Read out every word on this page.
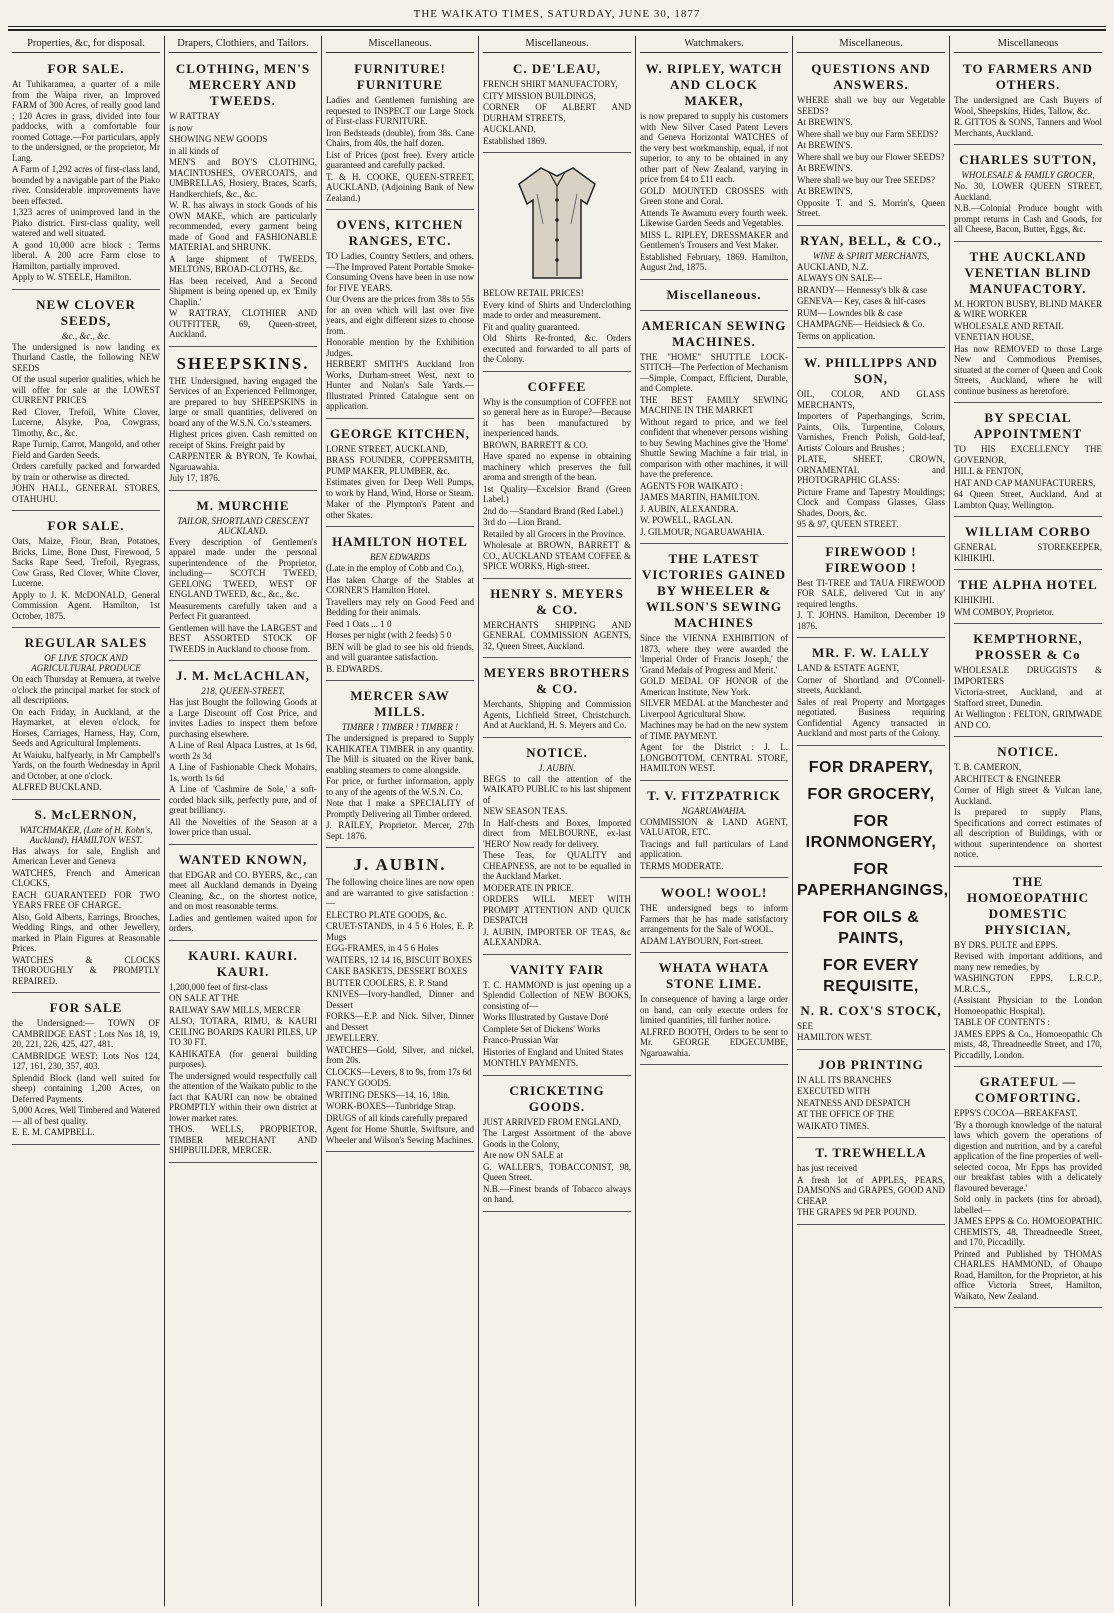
THE WAIKATO TIMES, SATURDAY, JUNE 30, 1877
Properties, &c, for disposal.
FOR SALE.
At Tuhikaramea, a quarter of a mile from the Waipa river, an Improved FARM of 300 Acres, of really good land ; 120 Acres in grass, divided into four paddocks, with a comfortable four roomed Cottage.—For particulars, apply to the undersigned, or the proprietor, Mr Lang.
A Farm of 1,292 acres of first-class land, bounded by a navigable part of the Piako river. Considerable improvements have been effected.
1,323 acres of unimproved land in the Piako district. First-class quality, well watered and well situated.
A good 10,000 acre block : Terms liberal. A 200 acre Farm close to Hamilton, partially improved.
Apply to W. STEELE, Hamilton.
NEW CLOVER SEEDS,
&c., &c., &c.
The undersigned is now landing ex Thurland Castle, the following NEW SEEDS
Of the usual superior qualities, which he will offer for sale at the LOWEST CURRENT PRICES
Red Clover, Trefoil, White Clover, Lucerne, Alsyke, Poa, Cowgrass, Timothy, &c., &c.
Rape Turnip, Carrot, Mangold, and other Field and Garden Seeds.
Orders carefully packed and forwarded by train or otherwise as directed.
JOHN HALL, GENERAL STORES, OTAHUHU.
FOR SALE.
Oats, Maize, Flour, Bran, Potatoes, Bricks, Lime, Bone Dust, Firewood, 5 Sacks Rape Seed, Trefoil, Ryegrass, Cow Grass, Red Clover, White Clover, Lucerne.
Apply to J. K. McDONALD, General Commission Agent. Hamilton, 1st October, 1875.
REGULAR SALES
OF LIVE STOCK AND AGRICULTURAL PRODUCE
On each Thursday at Remuera, at twelve o'clock the principal market for stock of all descriptions.
On each Friday, in Auckland, at the Haymarket, at eleven o'clock, for Horses, Carriages, Harness, Hay, Corn, Seeds and Agricultural Implements.
At Waiuku, halfyearly, in Mr Campbell's Yards, on the fourth Wednesday in April and October, at one o'clock.
ALFRED BUCKLAND.
S. McLERNON,
WATCHMAKER, (Late of H. Kohn's, Auckland), HAMILTON WEST.
Has always for sale, English and American Lever and Geneva
WATCHES, French and American CLOCKS,
EACH GUARANTEED FOR TWO YEARS FREE OF CHARGE.
Also, Gold Alberts, Earrings, Brooches, Wedding Rings, and other Jewellery, marked in Plain Figures at Reasonable Prices.
WATCHES & CLOCKS THOROUGHLY & PROMPTLY REPAIRED.
FOR SALE
the Undersigned:— TOWN OF CAMBRIDGE EAST : Lots Nos 18, 19, 20, 221, 226, 425, 427, 481.
CAMBRIDGE WEST: Lots Nos 124, 127, 161, 230, 357, 403.
Splendid Block (land well suited for sheep) containing 1,200 Acres, on Deferred Payments.
5,000 Acres, Well Timbered and Watered — all of best quality.
E. E. M. CAMPBELL.
Drapers, Clothiers, and Tailors.
CLOTHING, MEN'S MERCERY AND TWEEDS.
W RATTRAY
is now
SHOWING NEW GOODS
in all kinds of
MEN'S and BOY'S CLOTHING, MACINTOSHES, OVERCOATS, and UMBRELLAS, Hosiery, Braces, Scarfs, Handkerchiefs, &c., &c.
W. R. has always in stock Goods of his OWN MAKE, which are particularly recommended, every garment being made of Good and FASHIONABLE MATERIAL and SHRUNK.
A large shipment of TWEEDS, MELTONS, BROAD-CLOTHS, &c.
Has been received, And a Second Shipment is being opened up, ex 'Emily Chaplin.'
W RATTRAY, CLOTHIER AND OUTFITTER, 69, Queen-street, Auckland.
SHEEPSKINS.
THE Undersigned, having engaged the Services of an Experienced Fellmonger, are prepared to buy SHEEPSKINS in large or small quantities, delivered on board any of the W.S.N. Co.'s steamers.
Highest prices given. Cash remitted on receipt of Skins. Freight paid by
CARPENTER & BYRON, Te Kowhai, Ngaruawahia.
July 17, 1876.
M. MURCHIE
TAILOR, SHORTLAND CRESCENT AUCKLAND.
Every description of Gentlemen's apparel made under the personal superintendence of the Proprietor, including— SCOTCH TWEED, GEELONG TWEED, WEST OF ENGLAND TWEED, &c., &c., &c.
Measurements carefully taken and a Perfect Fit guaranteed.
Gentlemen will have the LARGEST and BEST ASSORTED STOCK OF TWEEDS in Auckland to choose from.
J. M. McLACHLAN,
218, QUEEN-STREET,
Has just Bought the following Goods at a Large Discount off Cost Price, and invites Ladies to inspect them before purchasing elsewhere.
A Line of Real Alpaca Lustres, at 1s 6d, worth 2s 3d
A Line of Fashionable Check Mohairs, 1s, worth 1s 6d
A Line of 'Cashmire de Sole,' a soft-corded black silk, perfectly pure, and of great brilliancy.
All the Novelties of the Season at a lower price than usual.
WANTED KNOWN,
that EDGAR and CO. BYERS, &c., can meet all Auckland demands in Dyeing Cleaning, &c., on the shortest notice, and on most reasonable terms.
Ladies and gentlemen waited upon for orders.
KAURI. KAURI. KAURI.
1,200,000 feet of first-class
ON SALE AT THE
RAILWAY SAW MILLS, MERCER
ALSO, TOTARA, RIMU, & KAURI CEILING BOARDS KAURI PILES, UP TO 30 FT.
KAHIKATEA (for general building purposes).
The undersigned would respectfully call the attention of the Waikato public to the fact that KAURI can now be obtained PROMPTLY within their own district at lower market rates.
THOS. WELLS, PROPRIETOR, TIMBER MERCHANT AND SHIPBUILDER, MERCER.
Miscellaneous.
FURNITURE! FURNITURE
Ladies and Gentlemen furnishing are requested to INSPECT our Large Stock of First-class FURNITURE.
Iron Bedsteads (double), from 38s. Cane Chairs, from 40s, the half dozen.
List of Prices (post free). Every article guaranteed and carefully packed.
T. & H. COOKE, QUEEN-STREET, AUCKLAND, (Adjoining Bank of New Zealand.)
OVENS, KITCHEN RANGES, ETC.
TO Ladies, Country Settlers, and others.—The Improved Patent Portable Smoke-Consuming Ovens have been in use now for FIVE YEARS.
Our Ovens are the prices from 38s to 55s for an oven which will last over five years, and eight different sizes to choose from.
Honorable mention by the Exhibition Judges.
HERBERT SMITH'S Auckland Iron Works, Durham-street West, next to Hunter and Nolan's Sale Yards.—Illustrated Printed Catalogue sent on application.
GEORGE KITCHEN,
LORNE STREET, AUCKLAND,
BRASS FOUNDER, COPPERSMITH, PUMP MAKER, PLUMBER, &c.
Estimates given for Deep Well Pumps, to work by Hand, Wind, Horse or Steam.
Maker of the Plympton's Patent and other Skates.
HAMILTON HOTEL
BEN EDWARDS
(Late in the employ of Cobb and Co.),
Has taken Charge of the Stables at CORNER'S Hamilton Hotel.
Travellers may rely on Good Feed and Bedding for their animals.
Feed 1 Oats ... 1 0
Horses per night (with 2 feeds) 5 0
BEN will be glad to see his old friends, and will guarantee satisfaction.
B. EDWARDS.
MERCER SAW MILLS.
TIMBER ! TIMBER ! TIMBER !
The undersigned is prepared to Supply KAHIKATEA TIMBER in any quantity. The Mill is situated on the River bank, enabling steamers to come alongside.
For price, or further information, apply to any of the agents of the W.S.N. Co.
Note that I make a SPECIALITY of Promptly Delivering all Timber ordered.
J. RAILEY, Proprietor. Mercer, 27th Sept. 1876.
J. AUBIN.
The following choice lines are now open and are warranted to give satisfaction :—
ELECTRO PLATE GOODS, &c.
CRUET-STANDS, in 4 5 6 Holes, E. P. Mugs
EGG-FRAMES, in 4 5 6 Holes
WAITERS, 12 14 16, BISCUIT BOXES
CAKE BASKETS, DESSERT BOXES
BUTTER COOLERS, E. P. Stand
KNIVES—Ivory-handled, Dinner and Dessert
FORKS—E.P. and Nick. Silver, Dinner and Dessert
JEWELLERY.
WATCHES—Gold, Silver, and nickel, from 20s.
CLOCKS—Levers, 8 to 9s, from 17s 6d
FANCY GOODS.
WRITING DESKS—14, 16, 18in.
WORK-BOXES—Tunbridge Strap.
DRUGS of all kinds carefully prepared
Agent for Home Shuttle, Swiftsure, and Wheeler and Wilson's Sewing Machines.
Miscellaneous.
C. DE'LEAU,
FRENCH SHIRT MANUFACTORY,
CITY MISSION BUILDINGS,
CORNER OF ALBERT AND DURHAM STREETS,
AUCKLAND,
Established 1869.
BELOW RETAIL PRICES!
Every kind of Shirts and Underclothing made to order and measurement.
Fit and quality guaranteed.
Old Shirts Re-fronted, &c. Orders executed and forwarded to all parts of the Colony.
COFFEE
Why is the consumption of COFFEE not so general here as in Europe?—Because it has been manufactured by inexperienced hands.
BROWN, BARRETT & CO.
Have spared no expense in obtaining machinery which preserves the full aroma and strength of the bean.
1st Quality—Excelsior Brand (Green Label.)
2nd do —Standard Brand (Red Label.)
3rd do —Lion Brand.
Retailed by all Grocers in the Province.
Wholesale at BROWN, BARRETT & CO., AUCKLAND STEAM COFFEE & SPICE WORKS, High-street.
HENRY S. MEYERS & CO.
MERCHANTS SHIPPING AND GENERAL COMMISSION AGENTS, 32, Queen Street, Auckland.
MEYERS BROTHERS & CO.
Merchants, Shipping and Commission Agents, Lichfield Street, Christchurch. And at Auckland, H. S. Meyers and Co.
NOTICE.
J. AUBIN.
BEGS to call the attention of the WAIKATO PUBLIC to his last shipment of
NEW SEASON TEAS.
In Half-chests and Boxes, Imported direct from MELBOURNE, ex-last 'HERO' Now ready for delivery.
These Teas, for QUALITY and CHEAPNESS, are not to be equalled in the Auckland Market.
MODERATE IN PRICE.
ORDERS WILL MEET WITH PROMPT ATTENTION AND QUICK DESPATCH
J. AUBIN, IMPORTER OF TEAS, &c ALEXANDRA.
VANITY FAIR
T. C. HAMMOND is just opening up a Splendid Collection of NEW BOOKS, consisting of—
Works Illustrated by Gustave Doré
Complete Set of Dickens' Works
Franco-Prussian War
Histories of England and United States
MONTHLY PAYMENTS.
CRICKETING GOODS.
JUST ARRIVED FROM ENGLAND,
The Largest Assortment of the above Goods in the Colony,
Are now ON SALE at
G. WALLER'S, TOBACCONIST, 98, Queen Street.
N.B.—Finest brands of Tobacco always on hand.
Watchmakers.
W. RIPLEY, WATCH AND CLOCK MAKER,
is now prepared to supply his customers with New Silver Cased Patent Levers and Geneva Horizontal WATCHES of the very best workmanship, equal, if not superior, to any to be obtained in any other part of New Zealand, varying in price from £4 to £11 each.
GOLD MOUNTED CROSSES with Green stone and Coral.
Attends Te Awamutu every fourth week. Likewise Garden Seeds and Vegetables.
MISS L. RIPLEY, DRESSMAKER and Gentlemen's Trousers and Vest Maker.
Established February, 1869. Hamilton, August 2nd, 1875.
Miscellaneous.
AMERICAN SEWING MACHINES.
THE "HOME" SHUTTLE LOCK-STITCH—The Perfection of Mechanism—Simple, Compact, Efficient, Durable, and Complete.
THE BEST FAMILY SEWING MACHINE IN THE MARKET
Without regard to price, and we feel confident that whenever persons wishing to buy Sewing Machines give the 'Home' Shuttle Sewing Machine a fair trial, in comparison with other machines, it will have the preference.
AGENTS FOR WAIKATO :
JAMES MARTIN, HAMILTON.
J. AUBIN, ALEXANDRA.
W. POWELL, RAGLAN.
J. GILMOUR, NGARUAWAHIA.
THE LATEST VICTORIES GAINED BY WHEELER & WILSON'S SEWING MACHINES
Since the VIENNA EXHIBITION of 1873, where they were awarded the 'Imperial Order of Francis Joseph,' the 'Grand Medals of Progress and Merit.'
GOLD MEDAL OF HONOR of the American Institute, New York.
SILVER MEDAL at the Manchester and Liverpool Agricultural Show.
Machines may be had on the new system of TIME PAYMENT.
Agent for the District : J. L. LONGBOTTOM, CENTRAL STORE, HAMILTON WEST.
T. V. FITZPATRICK
NGARUAWAHIA.
COMMISSION & LAND AGENT, VALUATOR, ETC.
Tracings and full particulars of Land application.
TERMS MODERATE.
WOOL! WOOL!
THE undersigned begs to inform Farmers that he has made satisfactory arrangements for the Sale of WOOL.
ADAM LAYBOURN, Fort-street.
WHATA WHATA STONE LIME.
In consequence of having a large order on hand, can only execute orders for limited quantities, till further notice.
ALFRED BOOTH, Orders to be sent to Mr. GEORGE EDGECUMBE, Ngaruawahia.
Miscellaneous.
QUESTIONS AND ANSWERS.
WHERE shall we buy our Vegetable SEEDS?
At BREWIN'S.
Where shall we buy our Farm SEEDS?
At BREWIN'S.
Where shall we buy our Flower SEEDS?
At BREWIN'S.
Where shall we buy our Tree SEEDS?
At BREWIN'S,
Opposite T. and S. Morrin's, Queen Street.
RYAN, BELL, & CO.,
WINE & SPIRIT MERCHANTS,
AUCKLAND, N.Z.
ALWAYS ON SALE—
BRANDY— Hennessy's blk & case
GENEVA— Key, cases & hlf-cases
RUM— Lowndes blk & case
CHAMPAGNE— Heidsieck & Co.
Terms on application.
W. PHILLIPPS AND SON,
OIL, COLOR, AND GLASS MERCHANTS,
Importers of Paperhangings, Scrim, Paints, Oils, Turpentine, Colours, Varnishes, French Polish, Gold-leaf, Artists' Colours and Brushes ;
PLATE, SHEET, CROWN, ORNAMENTAL and PHOTOGRAPHIC GLASS:
Picture Frame and Tapestry Mouldings; Clock and Compass Glasses, Glass Shades, Doors, &c.
95 & 97, QUEEN STREET.
FIREWOOD ! FIREWOOD !
Best TI-TREE and TAUA FIREWOOD FOR SALE, delivered 'Cut in any' required lengths.
J. T. JOHNS. Hamilton, December 19 1876.
MR. F. W. LALLY
LAND & ESTATE AGENT,
Corner of Shortland and O'Connell-streets, Auckland.
Sales of real Property and Mortgages negotiated. Business requiring Confidential Agency transacted in Auckland and most parts of the Colony.
FOR DRAPERY,
FOR GROCERY,
FOR IRONMONGERY,
FOR PAPERHANGINGS,
FOR OILS & PAINTS,
FOR EVERY REQUISITE,
N. R. COX'S STOCK,
SEE
HAMILTON WEST.
JOB PRINTING
IN ALL ITS BRANCHES
EXECUTED WITH
NEATNESS AND DESPATCH
AT THE OFFICE OF THE
WAIKATO TIMES.
T. TREWHELLA
has just received
A fresh lot of APPLES, PEARS, DAMSONS and GRAPES, GOOD AND CHEAP.
THE GRAPES 9d PER POUND.
Miscellaneous
TO FARMERS AND OTHERS.
The undersigned are Cash Buyers of Wool, Sheepskins, Hides, Tallow, &c.
R. GITTOS & SONS, Tanners and Wool Merchants, Auckland.
CHARLES SUTTON,
WHOLESALE & FAMILY GROCER,
No. 30, LOWER QUEEN STREET, Auckland.
N.B.—Colonial Produce bought with prompt returns in Cash and Goods, for all Cheese, Bacon, Butter, Eggs, &c.
THE AUCKLAND VENETIAN BLIND MANUFACTORY.
M. HORTON BUSBY, BLIND MAKER & WIRE WORKER
WHOLESALE AND RETAIL
VENETIAN HOUSE,
Has now REMOVED to those Large New and Commodious Premises, situated at the corner of Queen and Cook Streets, Auckland, where he will continue business as heretofore.
BY SPECIAL APPOINTMENT
TO HIS EXCELLENCY THE GOVERNOR,
HILL & FENTON,
HAT AND CAP MANUFACTURERS,
64 Queen Street, Auckland, And at Lambton Quay, Wellington.
WILLIAM CORBO
GENERAL STOREKEEPER, KIHIKIHI.
THE ALPHA HOTEL
KIHIKIHI.
WM COMBOY, Proprietor.
KEMPTHORNE, PROSSER & Co
WHOLESALE DRUGGISTS & IMPORTERS
Victoria-street, Auckland, and at Stafford street, Dunedin.
At Wellington : FELTON, GRIMWADE AND CO.
NOTICE.
T. B. CAMERON,
ARCHITECT & ENGINEER
Corner of High street & Vulcan lane, Auckland.
Is prepared to supply Plans, Specifications and correct estimates of all description of Buildings, with or without superintendence on shortest notice.
THE HOMOEOPATHIC DOMESTIC PHYSICIAN,
BY DRS. PULTE and EPPS.
Revised with important additions, and many new remedies, by
WASHINGTON EPPS, L.R.C.P., M.R.C.S.,
(Assistant Physician to the London Homoeopathic Hospital).
TABLE OF CONTENTS :
JAMES EPPS & Co., Homoeopathic Ch mists, 48, Threadneedle Street, and 170, Piccadilly, London.
GRATEFUL — COMFORTING.
EPPS'S COCOA—BREAKFAST.
'By a thorough knowledge of the natural laws which govern the operations of digestion and nutrition, and by a careful application of the fine properties of well-selected cocoa, Mr Epps has provided our breakfast tables with a delicately flavoured beverage.'
Sold only in packets (tins for abroad), labelled—
JAMES EPPS & Co. HOMOEOPATHIC CHEMISTS, 48, Threadneedle Street, and 170, Piccadilly.
Printed and Published by THOMAS CHARLES HAMMOND, of Ohaupo Road, Hamilton, for the Proprietor, at his office Victoria Street, Hamilton, Waikato, New Zealand.
